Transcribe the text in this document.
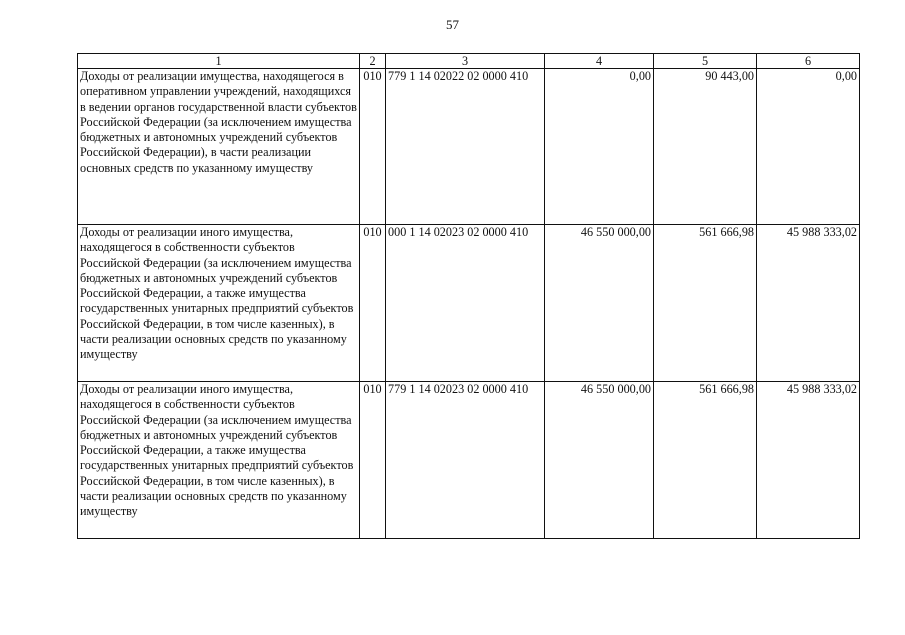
57
1	2	3	4	5	6
Доходы от реализации имущества, находящегося в оперативном управлении учреждений, находящихся в ведении органов государственной власти субъектов Российской Федерации (за исключением имущества бюджетных и автономных учреждений субъектов Российской Федерации), в части реализации основных средств по указанному имуществу	010	779 1 14 02022 02 0000 410	0,00	90 443,00	0,00
Доходы от реализации иного имущества, находящегося в собственности субъектов Российской Федерации (за исключением имущества бюджетных и автономных учреждений субъектов Российской Федерации, а также имущества государственных унитарных предприятий субъектов Российской Федерации, в том числе казенных), в части реализации основных средств по указанному имуществу	010	000 1 14 02023 02 0000 410	46 550 000,00	561 666,98	45 988 333,02
Доходы от реализации иного имущества, находящегося в собственности субъектов Российской Федерации (за исключением имущества бюджетных и автономных учреждений субъектов Российской Федерации, а также имущества государственных унитарных предприятий субъектов Российской Федерации, в том числе казенных), в части реализации основных средств по указанному имуществу	010	779 1 14 02023 02 0000 410	46 550 000,00	561 666,98	45 988 333,02
